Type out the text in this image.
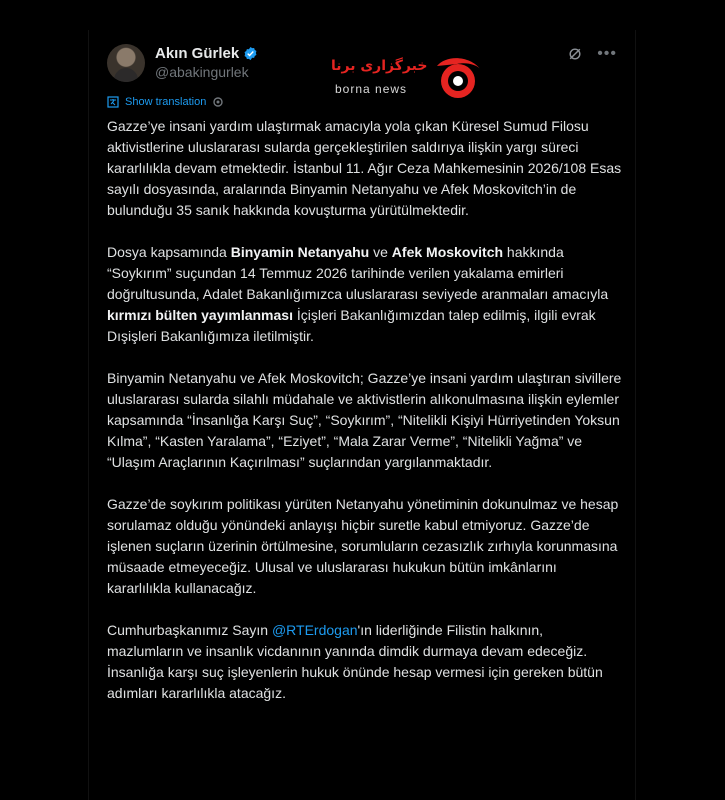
Akın Gürlek
@abakingurlek
•••
خبرگزاری برنا
borna news
Show translation

Gazze’ye insani yardım ulaştırmak amacıyla yola çıkan Küresel Sumud Filosu aktivistlerine uluslararası sularda gerçekleştirilen saldırıya ilişkin yargı süreci kararlılıkla devam etmektedir. İstanbul 11. Ağır Ceza Mahkemesinin 2026/108 Esas sayılı dosyasında, aralarında Binyamin Netanyahu ve Afek Moskovitch’in de bulunduğu 35 sanık hakkında kovuşturma yürütülmektedir.

Dosya kapsamında Binyamin Netanyahu ve Afek Moskovitch hakkında “Soykırım” suçundan 14 Temmuz 2026 tarihinde verilen yakalama emirleri doğrultusunda, Adalet Bakanlığımızca uluslararası seviyede aranmaları amacıyla kırmızı bülten yayımlanması İçişleri Bakanlığımızdan talep edilmiş, ilgili evrak Dışişleri Bakanlığımıza iletilmiştir.

Binyamin Netanyahu ve Afek Moskovitch; Gazze’ye insani yardım ulaştıran sivillere uluslararası sularda silahlı müdahale ve aktivistlerin alıkonulmasına ilişkin eylemler kapsamında “İnsanlığa Karşı Suç”, “Soykırım”, “Nitelikli Kişiyi Hürriyetinden Yoksun Kılma”, “Kasten Yaralama”, “Eziyet”, “Mala Zarar Verme”, “Nitelikli Yağma” ve “Ulaşım Araçlarının Kaçırılması” suçlarından yargılanmaktadır.

Gazze’de soykırım politikası yürüten Netanyahu yönetiminin dokunulmaz ve hesap sorulamaz olduğu yönündeki anlayışı hiçbir suretle kabul etmiyoruz. Gazze’de işlenen suçların üzerinin örtülmesine, sorumluların cezasızlık zırhıyla korunmasına müsaade etmeyeceğiz. Ulusal ve uluslararası hukukun bütün imkânlarını kararlılıkla kullanacağız.

Cumhurbaşkanımız Sayın @RTErdogan'ın liderliğinde Filistin halkının, mazlumların ve insanlık vicdanının yanında dimdik durmaya devam edeceğiz. İnsanlığa karşı suç işleyenlerin hukuk önünde hesap vermesi için gereken bütün adımları kararlılıkla atacağız.
